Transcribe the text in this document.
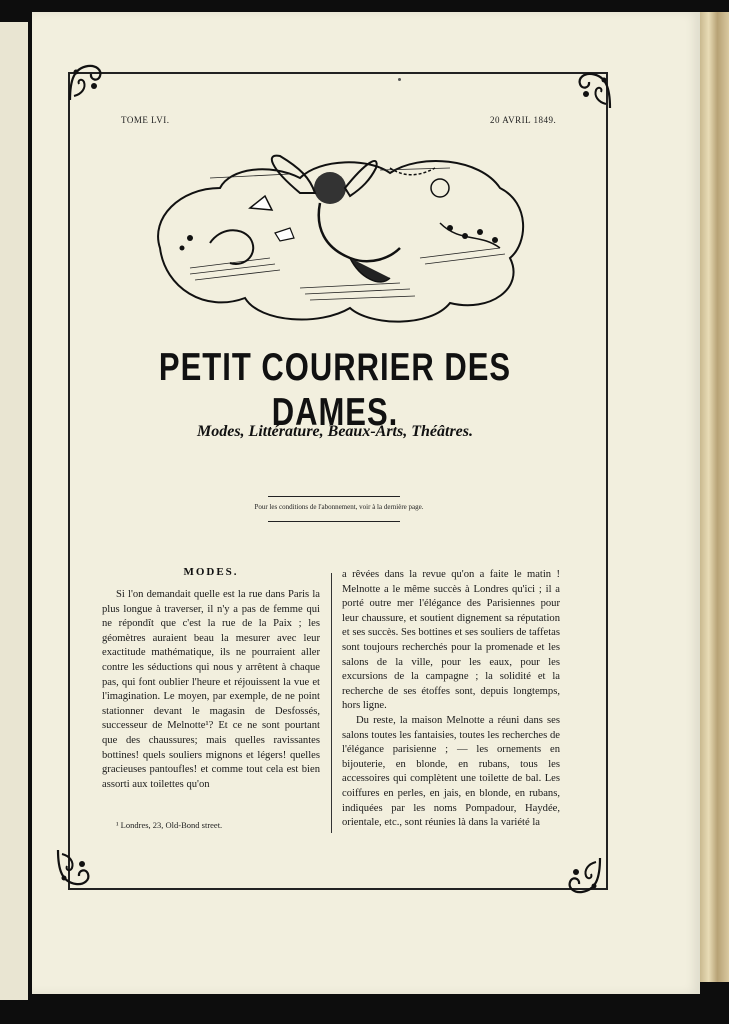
TOME LVI.	20 AVRIL 1849.
PETIT COURRIER DES DAMES.
Modes, Littérature, Beaux-Arts, Théâtres.
Pour les conditions de l'abonnement, voir à la dernière page.
MODES.

Si l'on demandait quelle est la rue dans Paris la plus longue à traverser, il n'y a pas de femme qui ne répondît que c'est la rue de la Paix ; les géomètres auraient beau la mesurer avec leur exactitude mathématique, ils ne pourraient aller contre les séductions qui nous y arrêtent à chaque pas, qui font oublier l'heure et réjouissent la vue et l'imagination. Le moyen, par exemple, de ne point stationner devant le magasin de Desfossés, successeur de Melnotte¹? Et ce ne sont pourtant que des chaussures; mais quelles ravissantes bottines! quels souliers mignons et légers! quelles gracieuses pantoufles! et comme tout cela est bien assorti aux toilettes qu'on

a rêvées dans la revue qu'on a faite le matin ! Melnotte a le même succès à Londres qu'ici ; il a porté outre mer l'élégance des Parisiennes pour leur chaussure, et soutient dignement sa réputation et ses succès. Ses bottines et ses souliers de taffetas sont toujours recherchés pour la promenade et les salons de la ville, pour les eaux, pour les excursions de la campagne ; la solidité et la recherche de ses étoffes sont, depuis longtemps, hors ligne.

Du reste, la maison Melnotte a réuni dans ses salons toutes les fantaisies, toutes les recherches de l'élégance parisienne ; — les ornements en bijouterie, en blonde, en rubans, tous les accessoires qui complètent une toilette de bal. Les coiffures en perles, en jais, en blonde, en rubans, indiquées par les noms Pompadour, Haydée, orientale, etc., sont réunies là dans la variété la

¹ Londres, 23, Old-Bond street.
